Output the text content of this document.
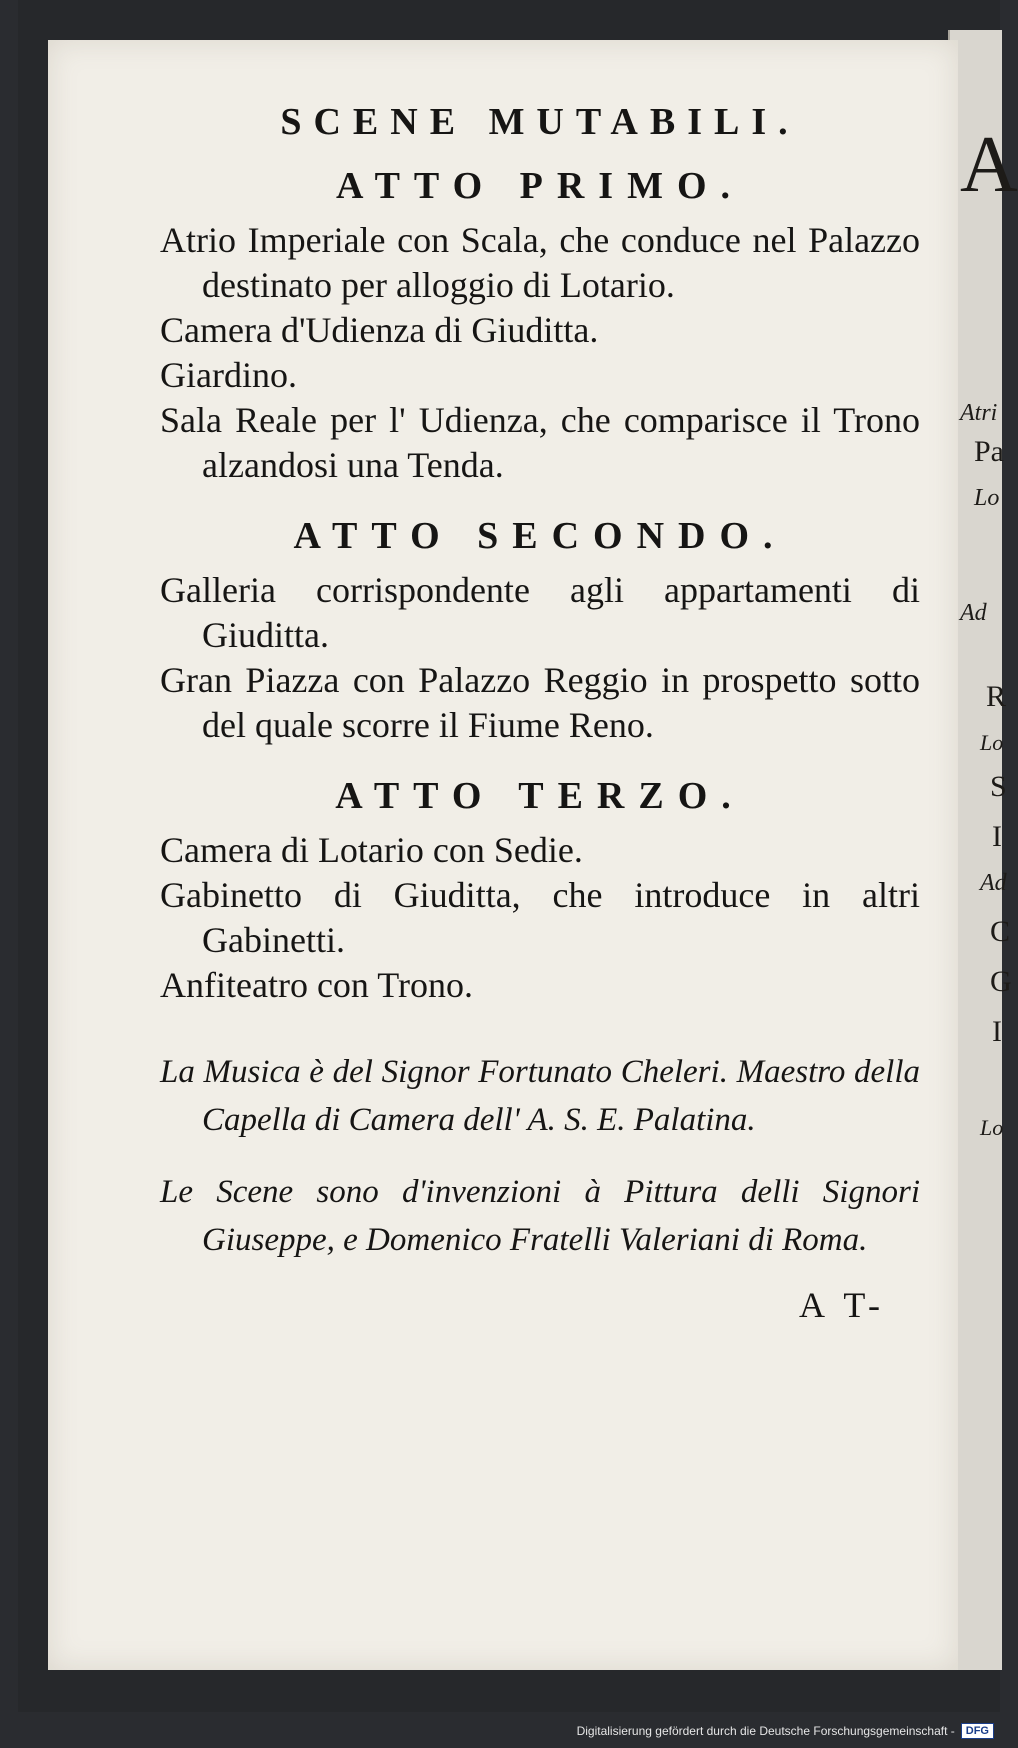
A
Atri
Pa
Lo
Ad
R
Lo
S
I
Ad
C
G
I
Lo
SCENE MUTABILI.
ATTO PRIMO.
Atrio Imperiale con Scala, che conduce nel Palazzo destinato per alloggio di Lotario.
Camera d'Udienza di Giuditta.
Giardino.
Sala Reale per l' Udienza, che comparisce il Trono alzandosi una Tenda.
ATTO SECONDO.
Galleria corrispondente agli appartamenti di Giuditta.
Gran Piazza con Palazzo Reggio in prospetto sotto del quale scorre il Fiume Reno.
ATTO TERZO.
Camera di Lotario con Sedie.
Gabinetto di Giuditta, che introduce in altri Gabinetti.
Anfiteatro con Trono.

La Musica è del Signor Fortunato Cheleri. Maestro della Capella di Camera dell' A. S. E. Palatina.

Le Scene sono d'invenzioni à Pittura delli Signori Giuseppe, e Domenico Fratelli Valeriani di Roma.

A T-
Digitalisierung gefördert durch die Deutsche Forschungsgemeinschaft -	DFG
